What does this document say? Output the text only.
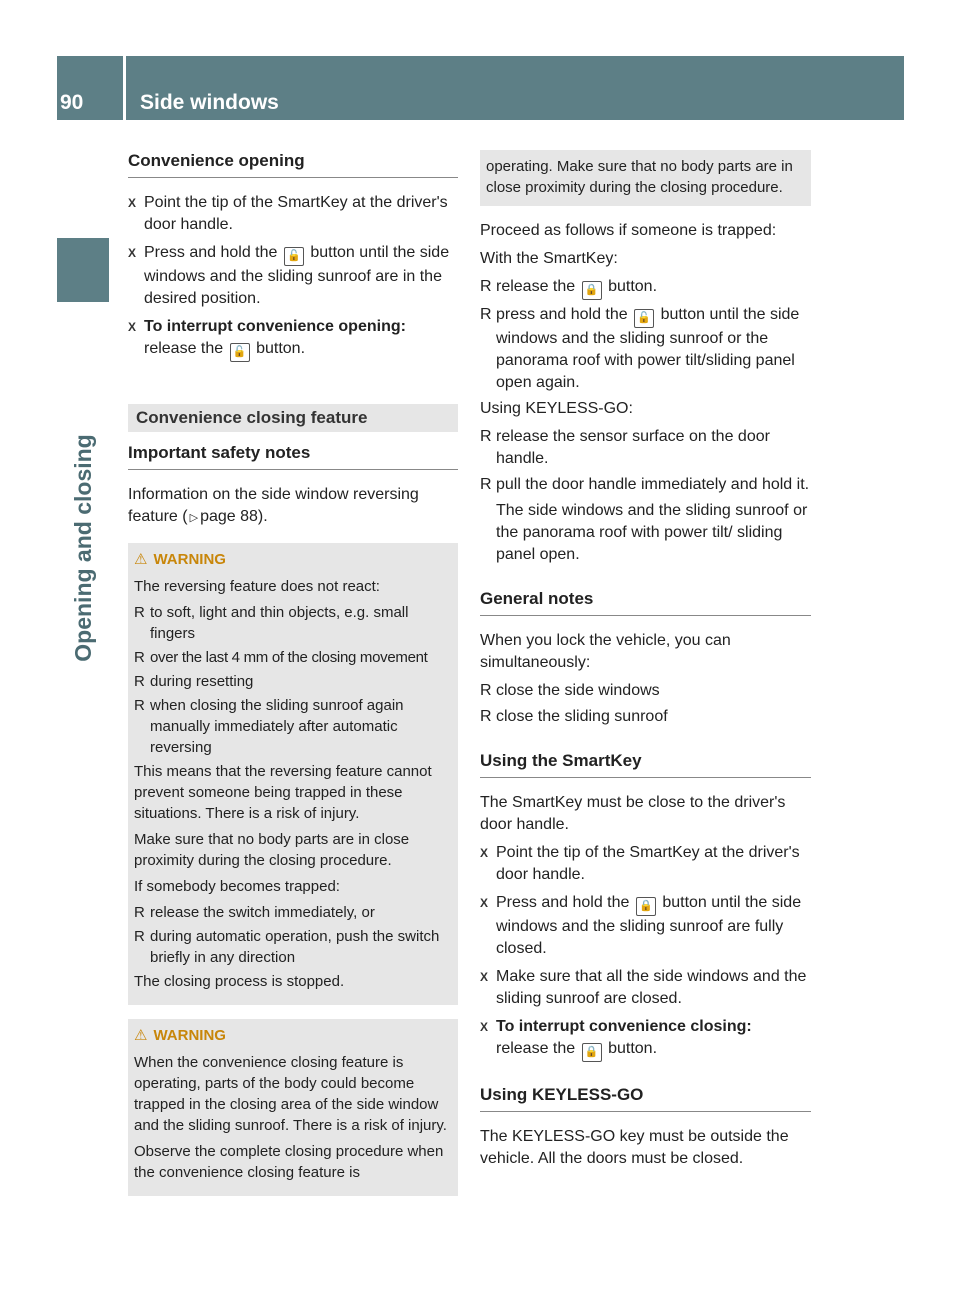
90	Side windows
Opening and closing
Convenience opening
X Point the tip of the SmartKey at the driver's door handle.
X Press and hold the 🔓 button until the side windows and the sliding sunroof are in the desired position.
X To interrupt convenience opening:
release the 🔓 button.
Convenience closing feature
Important safety notes

Information on the side window reversing feature ( ▷ page 88).

⚠ WARNING

The reversing feature does not react:

R to soft, light and thin objects, e.g. small fingers
R over the last 4 mm of the closing movement
R during resetting
R when closing the sliding sunroof again manually immediately after automatic reversing

This means that the reversing feature cannot prevent someone being trapped in these situations. There is a risk of injury.

Make sure that no body parts are in close proximity during the closing procedure.

If somebody becomes trapped:

R release the switch immediately, or
R during automatic operation, push the switch briefly in any direction

The closing process is stopped.

⚠ WARNING

When the convenience closing feature is operating, parts of the body could become trapped in the closing area of the side window and the sliding sunroof. There is a risk of injury.

Observe the complete closing procedure when the convenience closing feature is

operating. Make sure that no body parts are in close proximity during the closing procedure.

Proceed as follows if someone is trapped:

With the SmartKey:

R release the 🔒 button.
R press and hold the 🔓 button until the side windows and the sliding sunroof or the panorama roof with power tilt/sliding panel open again.

Using KEYLESS-GO:

R release the sensor surface on the door handle.
R pull the door handle immediately and hold it.

The side windows and the sliding sunroof or the panorama roof with power tilt/ sliding panel open.

General notes

When you lock the vehicle, you can simultaneously:

R close the side windows
R close the sliding sunroof
Using the SmartKey

The SmartKey must be close to the driver's door handle.

X Point the tip of the SmartKey at the driver's door handle.
X Press and hold the 🔒 button until the side windows and the sliding sunroof are fully closed.
X Make sure that all the side windows and the sliding sunroof are closed.
X To interrupt convenience closing:
release the 🔒 button.
Using KEYLESS-GO

The KEYLESS-GO key must be outside the vehicle. All the doors must be closed.
